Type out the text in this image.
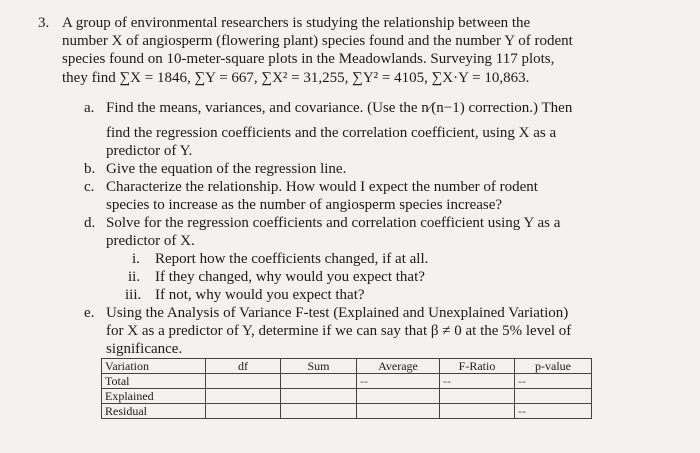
3. A group of environmental researchers is studying the relationship between the
number X of angiosperm (flowering plant) species found and the number Y of rodent
species found on 10-meter-square plots in the Meadowlands. Surveying 117 plots,
they find ∑X = 1846, ∑Y = 667, ∑X² = 31,255, ∑Y² = 4105, ∑X·Y = 10,863.
a. Find the means, variances, and covariance. (Use the n⁄(n−1) correction.) Then
find the regression coefficients and the correlation coefficient, using X as a
predictor of Y.
b. Give the equation of the regression line.
c. Characterize the relationship. How would I expect the number of rodent
species to increase as the number of angiosperm species increase?
d. Solve for the regression coefficients and correlation coefficient using Y as a
predictor of X.
i. Report how the coefficients changed, if at all.
ii. If they changed, why would you expect that?
iii. If not, why would you expect that?
e. Using the Analysis of Variance F-test (Explained and Unexplained Variation)
for X as a predictor of Y, determine if we can say that β ≠ 0 at the 5% level of
significance.
Variation	df	Sum	Average	F-Ratio	p-value
Total			--	--	--
Explained					
Residual					--
